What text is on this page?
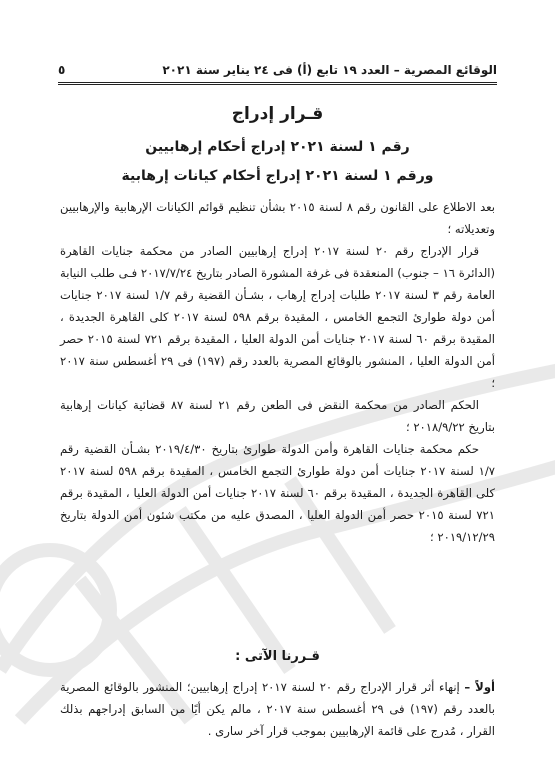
الوقائع المصرية – العدد ١٩ تابع (أ) فى ٢٤ يناير سنة ٢٠٢١
٥
قـرار إدراج
رقم ١ لسنة ٢٠٢١ إدراج أحكام إرهابيين
ورقم ١ لسنة ٢٠٢١ إدراج أحكام كيانات إرهابية

بعد الاطلاع على القانون رقم ٨ لسنة ٢٠١٥ بشأن تنظيم قوائم الكيانات الإرهابية والإرهابيين وتعديلاته ؛

قرار الإدراج رقم ٢٠ لسنة ٢٠١٧ إدراج إرهابيين الصادر من محكمة جنايات القاهرة (الدائرة ١٦ – جنوب) المنعقدة فى غرفة المشورة الصادر بتاريخ ٢٠١٧/٧/٢٤ فـى طلب النيابة العامة رقم ٣ لسنة ٢٠١٧ طلبات إدراج إرهاب ، بشـأن القضية رقم ١/٧ لسنة ٢٠١٧ جنايات أمن دولة طوارئ التجمع الخامس ، المقيدة برقم ٥٩٨ لسنة ٢٠١٧ كلى القاهرة الجديدة ، المقيدة برقم ٦٠ لسنة ٢٠١٧ جنايات أمن الدولة العليا ، المقيدة برقم ٧٢١ لسنة ٢٠١٥ حصر أمن الدولة العليا ، المنشور بالوقائع المصرية بالعدد رقم (١٩٧) فى ٢٩ أغسطس سنة ٢٠١٧ ؛

الحكم الصادر من محكمة النقض فى الطعن رقم ٢١ لسنة ٨٧ قضائية كيانات إرهابية بتاريخ ٢٠١٨/٩/٢٢ ؛

حكم محكمة جنايات القاهرة وأمن الدولة طوارئ بتاريخ ٢٠١٩/٤/٣٠ بشـأن القضية رقم ١/٧ لسنة ٢٠١٧ جنايات أمن دولة طوارئ التجمع الخامس ، المقيدة برقم ٥٩٨ لسنة ٢٠١٧ كلى القاهرة الجديدة ، المقيدة برقم ٦٠ لسنة ٢٠١٧ جنايات أمن الدولة العليا ، المقيدة برقم ٧٢١ لسنة ٢٠١٥ حصر أمن الدولة العليا ، المصدق عليه من مكتب شئون أمن الدولة بتاريخ ٢٠١٩/١٢/٢٩ ؛

قـررنا الآتى :
أولاً – إنهاء أثر قرار الإدراج رقم ٢٠ لسنة ٢٠١٧ إدراج إرهابيين؛ المنشور بالوقائع المصرية بالعدد رقم (١٩٧) فى ٢٩ أغسطس سنة ٢٠١٧ ، مالم يكن أيًا من السابق إدراجهم بذلك القرار ، مُدرج على قائمة الإرهابيين بموجب قرار آخر سارى .
